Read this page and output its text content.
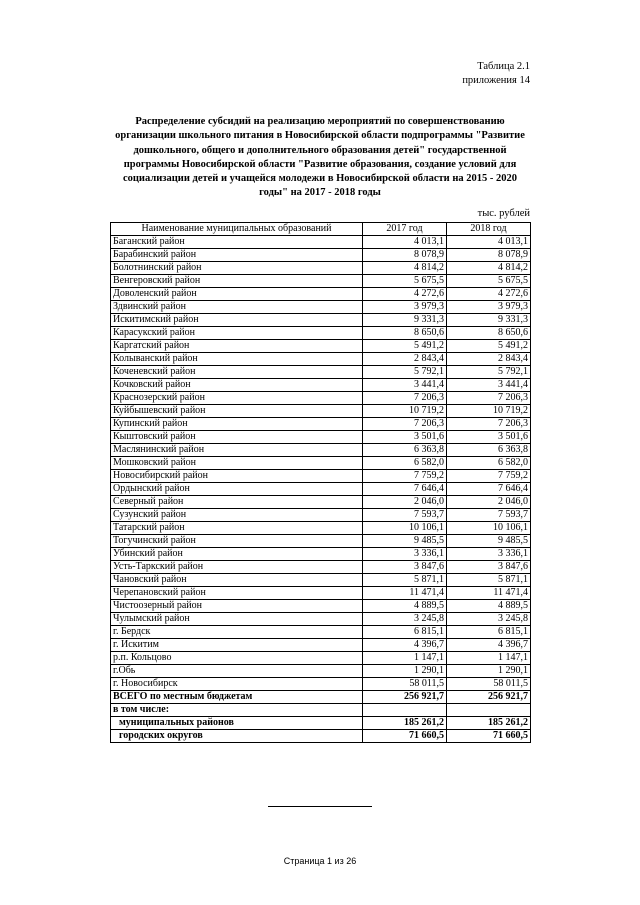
Таблица 2.1
приложения 14
Распределение субсидий на реализацию мероприятий по совершенствованию
организации школьного питания в Новосибирской области подпрограммы "Развитие
дошкольного, общего и дополнительного образования детей" государственной
программы Новосибирской области "Развитие образования, создание условий для
социализации детей и учащейся молодежи в Новосибирской области на 2015 - 2020
годы" на 2017 - 2018 годы
тыс. рублей
Наименование муниципальных образований	2017 год	2018 год
Баганский район	4 013,1	4 013,1
Барабинский район	8 078,9	8 078,9
Болотнинский район	4 814,2	4 814,2
Венгеровский район	5 675,5	5 675,5
Доволенский район	4 272,6	4 272,6
Здвинский район	3 979,3	3 979,3
Искитимский район	9 331,3	9 331,3
Карасукский район	8 650,6	8 650,6
Каргатский район	5 491,2	5 491,2
Колыванский район	2 843,4	2 843,4
Коченевский район	5 792,1	5 792,1
Кочковский район	3 441,4	3 441,4
Краснозерский район	7 206,3	7 206,3
Куйбышевский район	10 719,2	10 719,2
Купинский район	7 206,3	7 206,3
Кыштовский район	3 501,6	3 501,6
Маслянинский район	6 363,8	6 363,8
Мошковский район	6 582,0	6 582,0
Новосибирский район	7 759,2	7 759,2
Ордынский район	7 646,4	7 646,4
Северный район	2 046,0	2 046,0
Сузунский район	7 593,7	7 593,7
Татарский район	10 106,1	10 106,1
Тогучинский район	9 485,5	9 485,5
Убинский район	3 336,1	3 336,1
Усть-Таркский район	3 847,6	3 847,6
Чановский район	5 871,1	5 871,1
Черепановский район	11 471,4	11 471,4
Чистоозерный район	4 889,5	4 889,5
Чулымский район	3 245,8	3 245,8
г. Бердск	6 815,1	6 815,1
г. Искитим	4 396,7	4 396,7
р.п. Кольцово	1 147,1	1 147,1
г.Обь	1 290,1	1 290,1
г. Новосибирск	58 011,5	58 011,5
ВСЕГО по местным бюджетам	256 921,7	256 921,7
в том числе:		
муниципальных районов	185 261,2	185 261,2
городских округов	71 660,5	71 660,5
Страница 1 из 26
